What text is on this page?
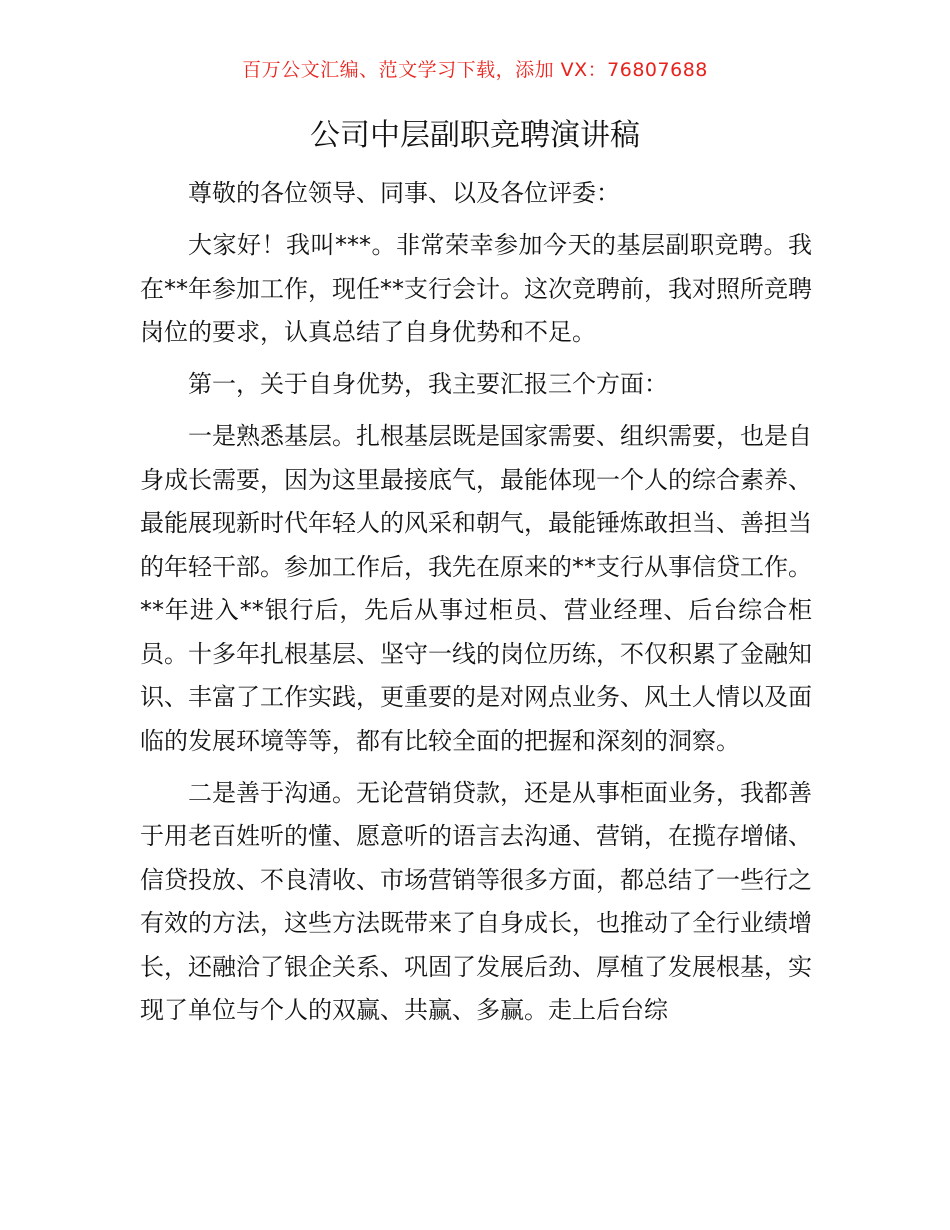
百万公文汇编、范文学习下载，添加 VX：76807688
公司中层副职竞聘演讲稿

尊敬的各位领导、同事、以及各位评委：

大家好！我叫***。非常荣幸参加今天的基层副职竞聘。我在**年参加工作，现任**支行会计。这次竞聘前，我对照所竞聘岗位的要求，认真总结了自身优势和不足。

第一，关于自身优势，我主要汇报三个方面：

一是熟悉基层。扎根基层既是国家需要、组织需要，也是自身成长需要，因为这里最接底气，最能体现一个人的综合素养、最能展现新时代年轻人的风采和朝气，最能锤炼敢担当、善担当的年轻干部。参加工作后，我先在原来的**支行从事信贷工作。**年进入**银行后，先后从事过柜员、营业经理、后台综合柜员。十多年扎根基层、坚守一线的岗位历练，不仅积累了金融知识、丰富了工作实践，更重要的是对网点业务、风土人情以及面临的发展环境等等，都有比较全面的把握和深刻的洞察。

二是善于沟通。无论营销贷款，还是从事柜面业务，我都善于用老百姓听的懂、愿意听的语言去沟通、营销，在揽存增储、信贷投放、不良清收、市场营销等很多方面，都总结了一些行之有效的方法，这些方法既带来了自身成长，也推动了全行业绩增长，还融洽了银企关系、巩固了发展后劲、厚植了发展根基，实现了单位与个人的双赢、共赢、多赢。走上后台综
